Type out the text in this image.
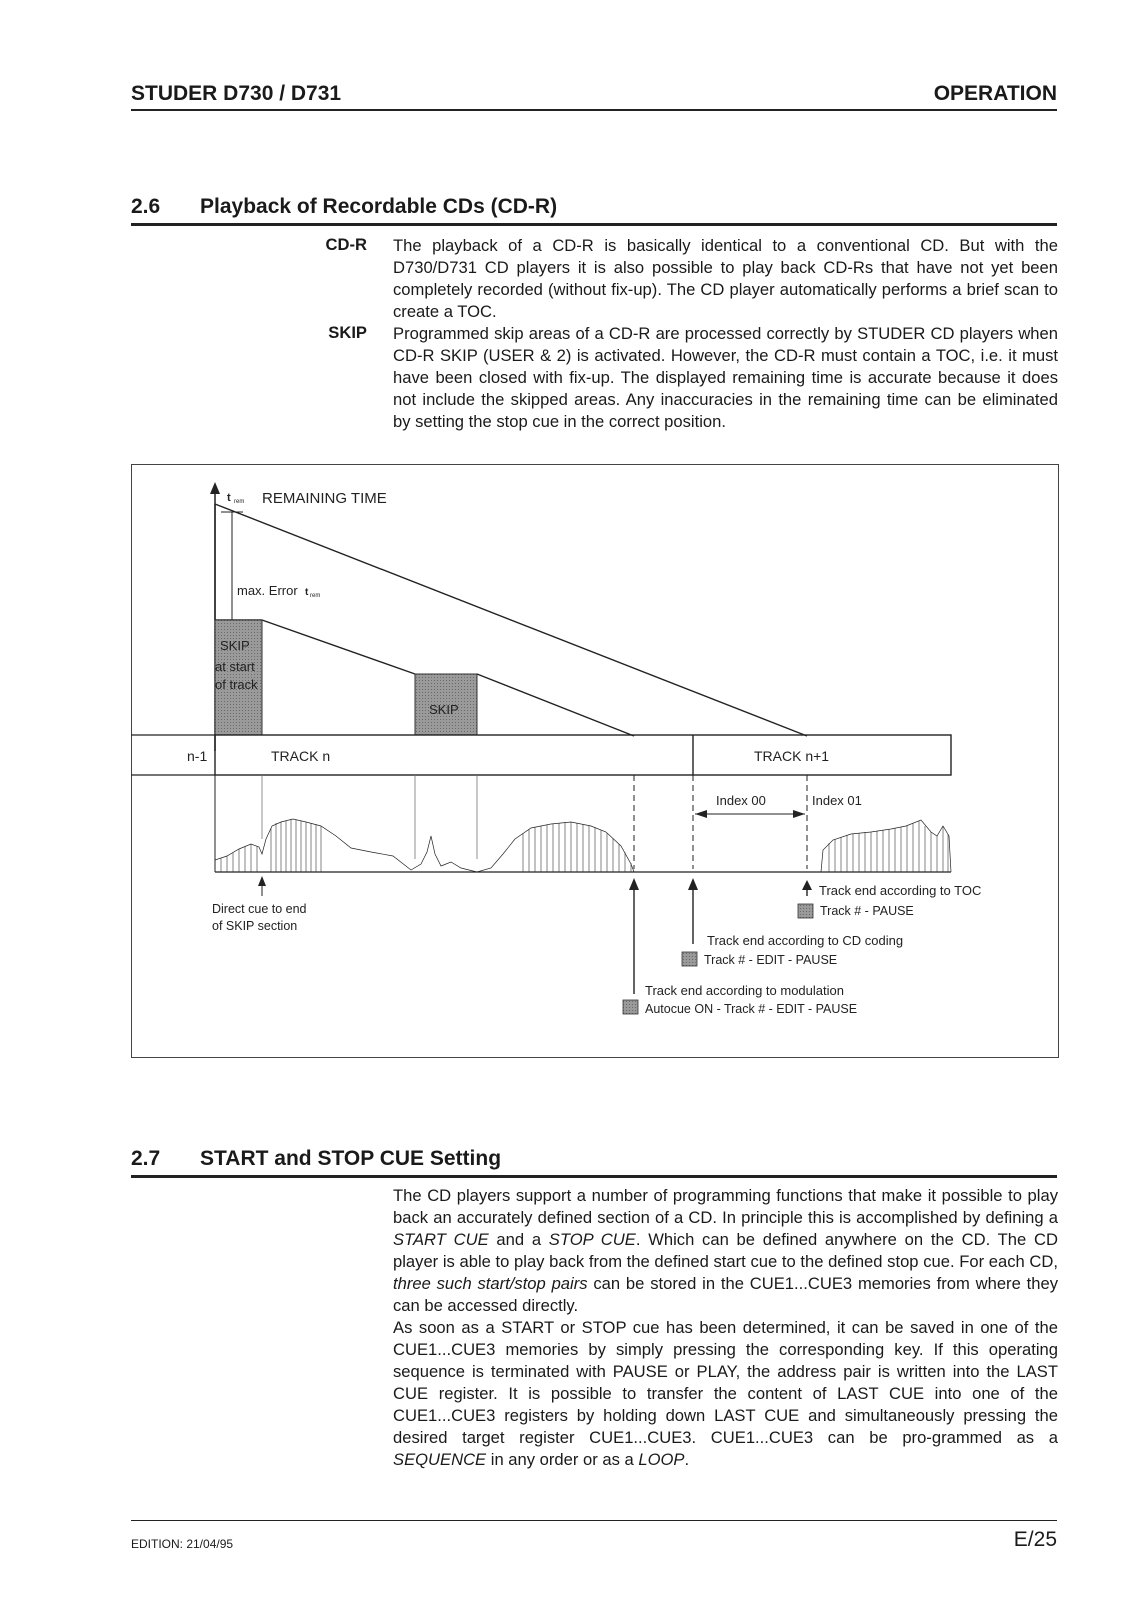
STUDER D730 / D731	OPERATION
2.6 Playback of Recordable CDs (CD-R)
CD-R The playback of a CD-R is basically identical to a conventional CD. But with the D730/D731 CD players it is also possible to play back CD-Rs that have not yet been completely recorded (without fix-up). The CD player automatically performs a brief scan to create a TOC.
SKIP Programmed skip areas of a CD-R are processed correctly by STUDER CD players when CD-R SKIP (USER & 2) is activated. However, the CD-R must contain a TOC, i.e. it must have been closed with fix-up. The displayed remaining time is accurate because it does not include the skipped areas. Any inaccuracies in the remaining time can be eliminated by setting the stop cue in the correct position.
t rem REMAINING TIME
max. Error t rem
SKIP
at start
of track
SKIP
n-1	TRACK n	TRACK n+1
Index 00	Index 01
Direct cue to end
of SKIP section
Track end according to TOC
Track # - PAUSE
Track end according to CD coding
Track # - EDIT - PAUSE
Track end according to modulation
Autocue ON - Track # - EDIT - PAUSE
2.7 START and STOP CUE Setting

The CD players support a number of programming functions that make it possible to play back an accurately defined section of a CD. In principle this is accomplished by defining a START CUE and a STOP CUE. Which can be defined anywhere on the CD. The CD player is able to play back from the defined start cue to the defined stop cue. For each CD, three such start/stop pairs can be stored in the CUE1...CUE3 memories from where they can be accessed directly.

As soon as a START or STOP cue has been determined, it can be saved in one of the CUE1...CUE3 memories by simply pressing the corresponding key. If this operating sequence is terminated with PAUSE or PLAY, the address pair is written into the LAST CUE register. It is possible to transfer the content of LAST CUE into one of the CUE1...CUE3 registers by holding down LAST CUE and simultaneously pressing the desired target register CUE1...CUE3. CUE1...CUE3 can be pro-grammed as a SEQUENCE in any order or as a LOOP.

EDITION: 21/04/95	E/25
